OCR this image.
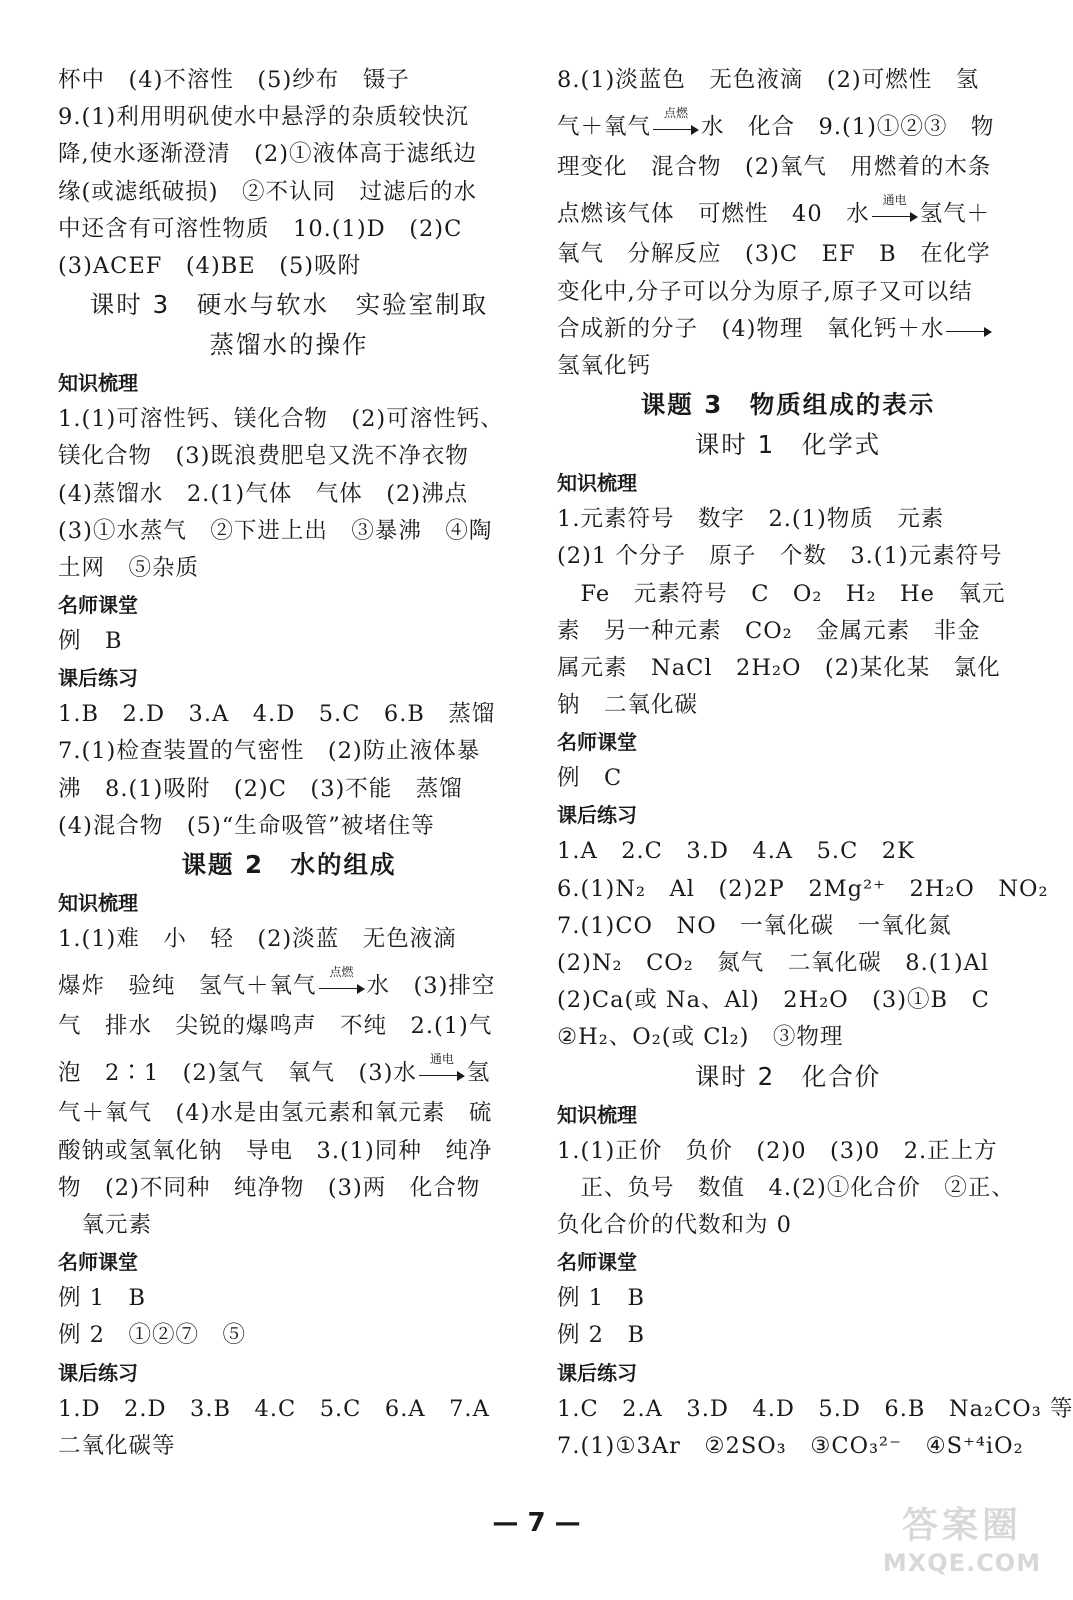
杯中　(4)不溶性　(5)纱布　镊子
9.(1)利用明矾使水中悬浮的杂质较快沉
降,使水逐渐澄清　(2)①液体高于滤纸边
缘(或滤纸破损)　②不认同　过滤后的水
中还含有可溶性物质　10.(1)D　(2)C
(3)ACEF　(4)BE　(5)吸附
课时 3　硬水与软水　实验室制取
蒸馏水的操作
知识梳理
1.(1)可溶性钙、镁化合物　(2)可溶性钙、
镁化合物　(3)既浪费肥皂又洗不净衣物
(4)蒸馏水　2.(1)气体　气体　(2)沸点
(3)①水蒸气　②下进上出　③暴沸　④陶
土网　⑤杂质
名师课堂
例　B
课后练习
1.B　2.D　3.A　4.D　5.C　6.B　蒸馏
7.(1)检查装置的气密性　(2)防止液体暴
沸　8.(1)吸附　(2)C　(3)不能　蒸馏
(4)混合物　(5)“生命吸管”被堵住等
课题 2　水的组成
知识梳理
1.(1)难　小　轻　(2)淡蓝　无色液滴
爆炸　验纯　氢气＋氧气
点燃
水　(3)排空
气　排水　尖锐的爆鸣声　不纯　2.(1)气
泡　2∶1　(2)氢气　氧气　(3)水
通电
氢
气＋氧气　(4)水是由氢元素和氧元素　硫
酸钠或氢氧化钠　导电　3.(1)同种　纯净
物　(2)不同种　纯净物　(3)两　化合物
　氧元素
名师课堂
例 1　B
例 2　①②⑦　⑤
课后练习
1.D　2.D　3.B　4.C　5.C　6.A　7.A
二氧化碳等
8.(1)淡蓝色　无色液滴　(2)可燃性　氢
气＋氧气
点燃
水　化合　9.(1)①②③　物
理变化　混合物　(2)氧气　用燃着的木条
点燃该气体　可燃性　40　水
通电
氢气＋
氧气　分解反应　(3)C　EF　B　在化学
变化中,分子可以分为原子,原子又可以结
合成新的分子　(4)物理　氧化钙＋水
氢氧化钙
课题 3　物质组成的表示
课时 1　化学式
知识梳理
1.元素符号　数字　2.(1)物质　元素
(2)1 个分子　原子　个数　3.(1)元素符号
　Fe　元素符号　C　O₂　H₂　He　氧元
素　另一种元素　CO₂　金属元素　非金
属元素　NaCl　2H₂O　(2)某化某　氯化
钠　二氧化碳
名师课堂
例　C
课后练习
1.A　2.C　3.D　4.A　5.C　2K
6.(1)N₂　Al　(2)2P　2Mg²⁺　2H₂O　NO₂
7.(1)CO　NO　一氧化碳　一氧化氮
(2)N₂　CO₂　氮气　二氧化碳　8.(1)Al
(2)Ca(或 Na、Al)　2H₂O　(3)①B　C
②H₂、O₂(或 Cl₂)　③物理
课时 2　化合价
知识梳理
1.(1)正价　负价　(2)0　(3)0　2.正上方
　正、负号　数值　4.(2)①化合价　②正、
负化合价的代数和为 0
名师课堂
例 1　B
例 2　B
课后练习
1.C　2.A　3.D　4.D　5.D　6.B　Na₂CO₃ 等
7.(1)①3Ar　②2SO₃　③CO₃²⁻　④S⁺⁴iO₂
— 7 —	答案圈
MXQE.COM
